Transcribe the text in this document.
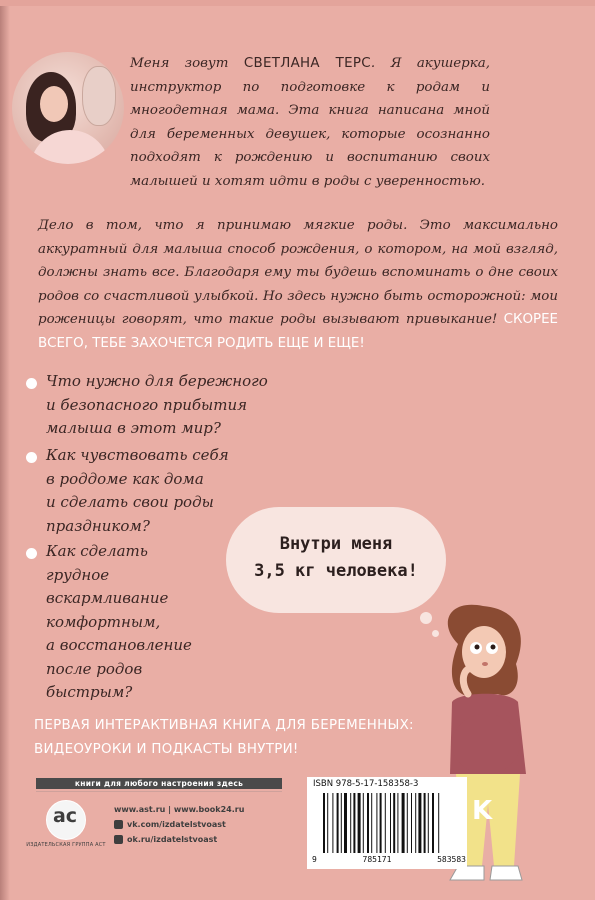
Меня зовут СВЕТЛАНА ТЕРС. Я акушерка, инструктор по подготовке к родам и многодетная мама. Эта книга написана мной для беременных девушек, которые осознанно подходят к рождению и воспитанию своих малышей и хотят идти в роды с уверенностью.
Дело в том, что я принимаю мягкие роды. Это максимально аккуратный для малыша способ рождения, о котором, на мой взгляд, должны знать все. Благодаря ему ты будешь вспоминать о дне своих родов со счастливой улыбкой. Но здесь нужно быть осторожной: мои роженицы говорят, что такие роды вызывают привыкание! СКОРЕЕ ВСЕГО, ТЕБЕ ЗАХОЧЕТСЯ РОДИТЬ ЕЩЕ И ЕЩЕ!
Что нужно для бережного
и безопасного прибытия
малыша в этот мир?
Как чувствовать себя
в роддоме как дома
и сделать свои роды
праздником?
Как сделать
грудное
вскармливание
комфортным,
а восстановление
после родов
быстрым?
Внутри меня
3,5 кг человека!
ПЕРВАЯ ИНТЕРАКТИВНАЯ КНИГА ДЛЯ БЕРЕМЕННЫХ:
ВИДЕОУРОКИ И ПОДКАСТЫ ВНУТРИ!
книги для любого настроения здесь
ac
ИЗДАТЕЛЬСКАЯ ГРУППА АСТ
www.ast.ru | www.book24.ru
vk.com/izdatelstvoast
ok.ru/izdatelstvoast
ISBN 978-5-17-158358-3
9	785171	583583
K
